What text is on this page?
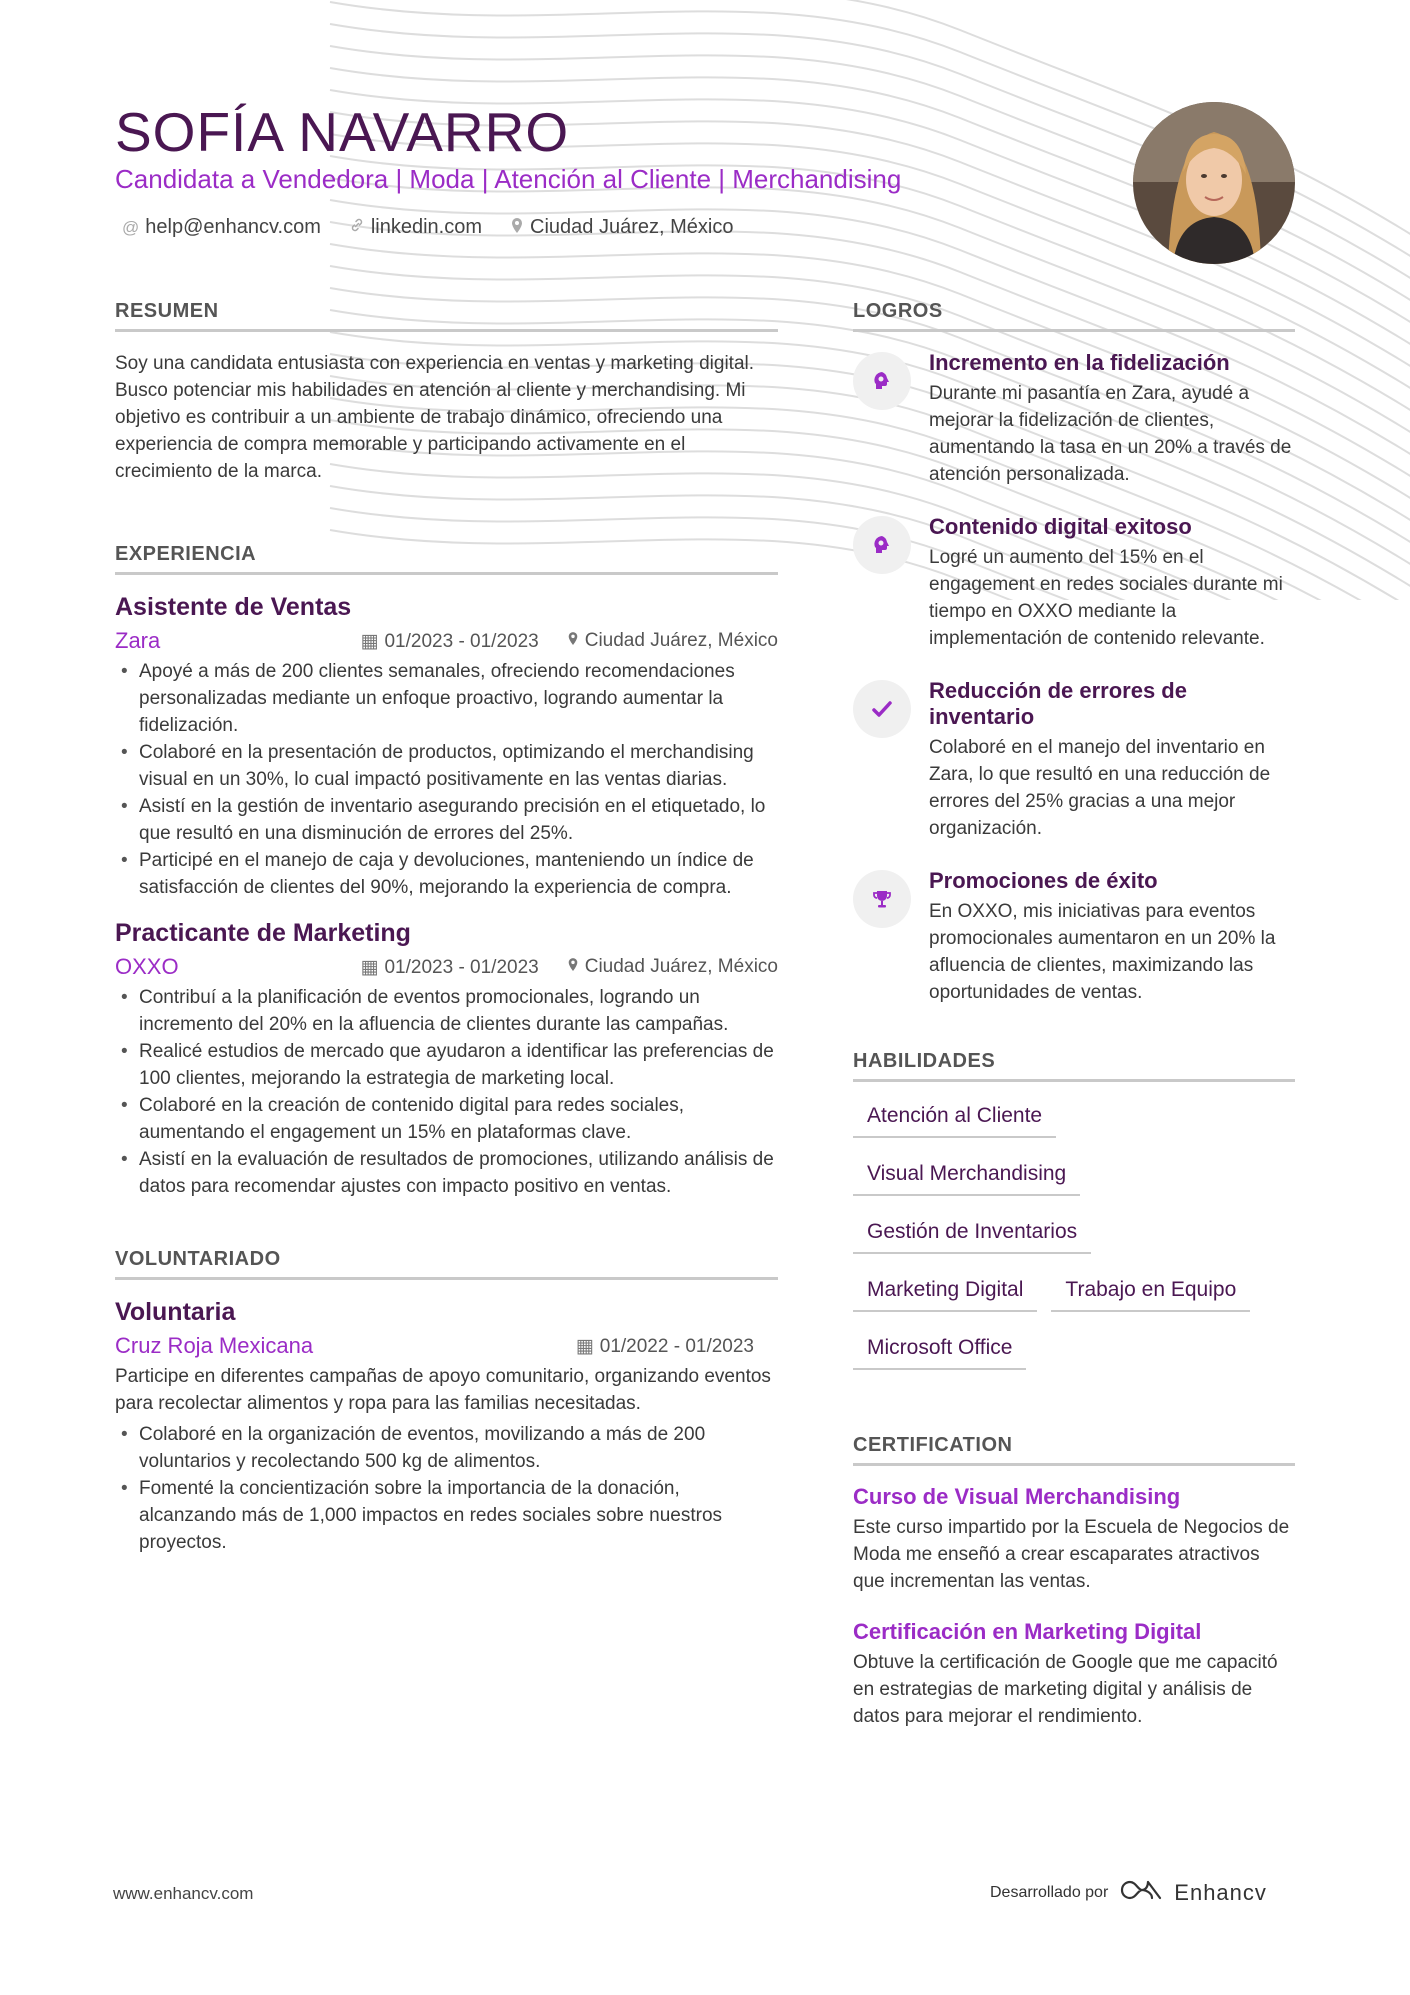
SOFÍA NAVARRO

Candidata a Vendedora | Moda | Atención al Cliente | Merchandising

@ help@enhancv.com	linkedin.com Ciudad Juárez, México
RESUMEN

Soy una candidata entusiasta con experiencia en ventas y marketing digital. Busco potenciar mis habilidades en atención al cliente y merchandising. Mi objetivo es contribuir a un ambiente de trabajo dinámico, ofreciendo una experiencia de compra memorable y participando activamente en el crecimiento de la marca.

EXPERIENCIA
Asistente de Ventas
Zara	▦ 01/2023 - 01/2023	Ciudad Juárez, México
• Apoyé a más de 200 clientes semanales, ofreciendo recomendaciones personalizadas mediante un enfoque proactivo, logrando aumentar la fidelización.
• Colaboré en la presentación de productos, optimizando el merchandising visual en un 30%, lo cual impactó positivamente en las ventas diarias.
• Asistí en la gestión de inventario asegurando precisión en el etiquetado, lo que resultó en una disminución de errores del 25%.
• Participé en el manejo de caja y devoluciones, manteniendo un índice de satisfacción de clientes del 90%, mejorando la experiencia de compra.
Practicante de Marketing
OXXO	▦ 01/2023 - 01/2023	Ciudad Juárez, México
• Contribuí a la planificación de eventos promocionales, logrando un incremento del 20% en la afluencia de clientes durante las campañas.
• Realicé estudios de mercado que ayudaron a identificar las preferencias de 100 clientes, mejorando la estrategia de marketing local.
• Colaboré en la creación de contenido digital para redes sociales, aumentando el engagement un 15% en plataformas clave.
• Asistí en la evaluación de resultados de promociones, utilizando análisis de datos para recomendar ajustes con impacto positivo en ventas.
VOLUNTARIADO
Voluntaria
Cruz Roja Mexicana	▦ 01/2022 - 01/2023

Participe en diferentes campañas de apoyo comunitario, organizando eventos para recolectar alimentos y ropa para las familias necesitadas.

• Colaboré en la organización de eventos, movilizando a más de 200 voluntarios y recolectando 500 kg de alimentos.
• Fomenté la concientización sobre la importancia de la donación, alcanzando más de 1,000 impactos en redes sociales sobre nuestros proyectos.
LOGROS
Incremento en la fidelización

Durante mi pasantía en Zara, ayudé a mejorar la fidelización de clientes, aumentando la tasa en un 20% a través de atención personalizada.

Contenido digital exitoso

Logré un aumento del 15% en el engagement en redes sociales durante mi tiempo en OXXO mediante la implementación de contenido relevante.

Reducción de errores de inventario

Colaboré en el manejo del inventario en Zara, lo que resultó en una reducción de errores del 25% gracias a una mejor organización.

Promociones de éxito

En OXXO, mis iniciativas para eventos promocionales aumentaron en un 20% la afluencia de clientes, maximizando las oportunidades de ventas.

HABILIDADES
Atención al Cliente
Visual Merchandising
Gestión de Inventarios
Marketing Digital	Trabajo en Equipo
Microsoft Office
CERTIFICATION
Curso de Visual Merchandising

Este curso impartido por la Escuela de Negocios de Moda me enseñó a crear escaparates atractivos que incrementan las ventas.

Certificación en Marketing Digital

Obtuve la certificación de Google que me capacitó en estrategias de marketing digital y análisis de datos para mejorar el rendimiento.

www.enhancv.com	Desarrollado por	Enhancv
